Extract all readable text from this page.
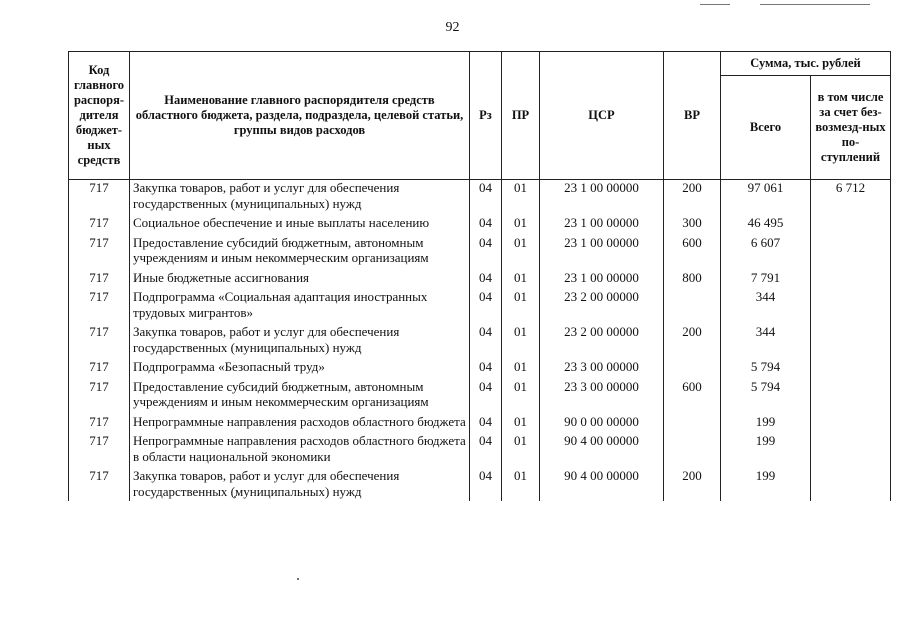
92
Код главного распоря-дителя бюджет-ных средств	Наименование главного распорядителя средств областного бюджета, раздела, подраздела, целевой статьи, группы видов расходов	Рз	ПР	ЦСР	ВР	Сумма, тыс. рублей	
						Всего	в том числе за счет без-возмезд-ных по-ступлений
717	Закупка товаров, работ и услуг для обеспечения государственных (муниципальных) нужд	04	01	23 1 00 00000	200	97 061	6 712
717	Социальное обеспечение и иные выплаты населению	04	01	23 1 00 00000	300	46 495	
717	Предоставление субсидий бюджетным, автономным учреждениям и иным некоммерческим организациям	04	01	23 1 00 00000	600	6 607	
717	Иные бюджетные ассигнования	04	01	23 1 00 00000	800	7 791	
717	Подпрограмма «Социальная адаптация иностранных трудовых мигрантов»	04	01	23 2 00 00000		344	
717	Закупка товаров, работ и услуг для обеспечения государственных (муниципальных) нужд	04	01	23 2 00 00000	200	344	
717	Подпрограмма «Безопасный труд»	04	01	23 3 00 00000		5 794	
717	Предоставление субсидий бюджетным, автономным учреждениям и иным некоммерческим организациям	04	01	23 3 00 00000	600	5 794	
717	Непрограммные направления расходов областного бюджета	04	01	90 0 00 00000		199	
717	Непрограммные направления расходов областного бюджета в области национальной экономики	04	01	90 4 00 00000		199	
717	Закупка товаров, работ и услуг для обеспечения государственных (муниципальных) нужд	04	01	90 4 00 00000	200	199	
